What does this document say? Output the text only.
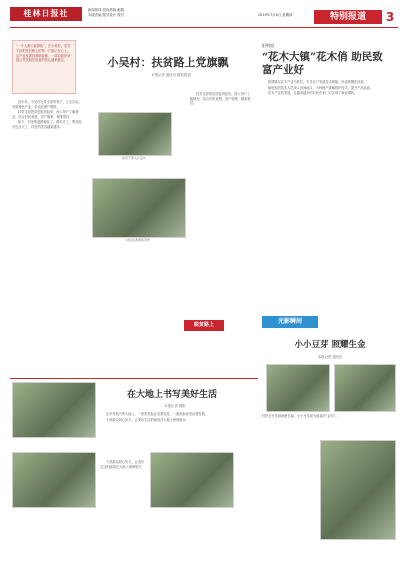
桂林日报社	新闻热线 投诉热线 邮箱
本版责编 版式设计 校对	2019年7月4日 星期四	特别报道	3
“一个人都不能掉队”，在小吴村，党员干部把扶贫路上的每一户都记在心上。从产业发展到基础设施，一项项惠民举措让村民脱贫致富的信心越来越足。	小吴村：扶贫路上党旗飘
本报记者 通讯员 摄影报道
党员干部入户走访
村民在养殖场劳作

近年来，小吴村在党支部带领下，立足实际，发展特色产业，带动贫困户增收。

村党支部把党员组织起来，深入每户了解情况，结合村民意愿，因户施策、精准帮扶。

如今，村里的道路硬化了，路灯亮了，集体经济也壮大了，村民的笑容越来越多。

村党支部把党员组织起来，深入每户了解情况，结合村民意愿，因户施策、精准帮扶。

阳朔镇
“花木大镇”花木俏 助民致富产业好

阳朔镇以花木产业为依托，引导农户发展苗木种植，形成规模化经营。

镇里组织技术人员深入田间地头，为种植户讲解管护技术，提升产品品质。

花木产业的发展，让越来越多的村民在家门口实现了就业增收。

脱贫路上	光影瞬间
在大地上书写美好生活
本报记者 摄影

在乡村振兴的大地上，一张张笑脸记录着变化，一座座新房见证着发展。

干部群众同心协力，让美好生活的画卷在大地上徐徐展开。

干部群众同心协力，让美好生活的画卷在大地上徐徐展开。

小小豆芽 照耀生金
本报记者 通讯员
村民在豆芽基地里忙碌，小小豆芽成为致富的“金芽”。
